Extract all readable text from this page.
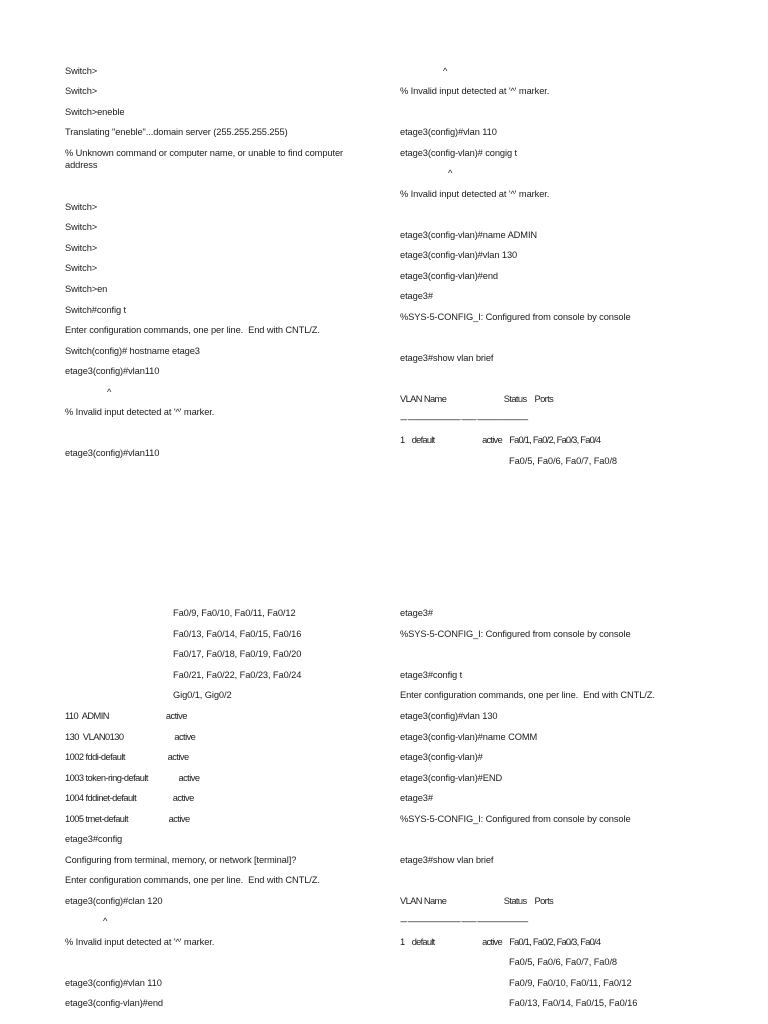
Switch>
Switch>
Switch>eneble
Translating "eneble"...domain server (255.255.255.255)
% Unknown command or computer name, or unable to find computer address
Switch>
Switch>
Switch>
Switch>
Switch>en
Switch#config t
Enter configuration commands, one per line.  End with CNTL/Z.
Switch(config)# hostname etage3
etage3(config)#vlan110
^
% Invalid input detected at '^' marker.
etage3(config)#vlan110
^
% Invalid input detected at '^' marker.
etage3(config)#vlan 110
etage3(config-vlan)# congig t
^
% Invalid input detected at '^' marker.
etage3(config-vlan)#name ADMIN
etage3(config-vlan)#vlan 130
etage3(config-vlan)#end
etage3#
%SYS-5-CONFIG_I: Configured from console by console
etage3#show vlan brief
VLAN Name                             Status    Ports
---- -------------------------------- --------- -------------------------------
1    default                          active    Fa0/1, Fa0/2, Fa0/3, Fa0/4
Fa0/5, Fa0/6, Fa0/7, Fa0/8
Fa0/9, Fa0/10, Fa0/11, Fa0/12
Fa0/13, Fa0/14, Fa0/15, Fa0/16
Fa0/17, Fa0/18, Fa0/19, Fa0/20
Fa0/21, Fa0/22, Fa0/23, Fa0/24
Gig0/1, Gig0/2
110  ADMIN                            active
130  VLAN0130                         active
1002 fddi-default                     active
1003 token-ring-default               active
1004 fddinet-default                  active
1005 trnet-default                    active
etage3#config
Configuring from terminal, memory, or network [terminal]?
Enter configuration commands, one per line.  End with CNTL/Z.
etage3(config)#clan 120
^
% Invalid input detected at '^' marker.
etage3(config)#vlan 110
etage3(config-vlan)#end
etage3#
%SYS-5-CONFIG_I: Configured from console by console
etage3#config t
Enter configuration commands, one per line.  End with CNTL/Z.
etage3(config)#vlan 130
etage3(config-vlan)#name COMM
etage3(config-vlan)#
etage3(config-vlan)#END
etage3#
%SYS-5-CONFIG_I: Configured from console by console
etage3#show vlan brief
VLAN Name                             Status    Ports
---- -------------------------------- --------- -------------------------------
1    default                          active    Fa0/1, Fa0/2, Fa0/3, Fa0/4
Fa0/5, Fa0/6, Fa0/7, Fa0/8
Fa0/9, Fa0/10, Fa0/11, Fa0/12
Fa0/13, Fa0/14, Fa0/15, Fa0/16
